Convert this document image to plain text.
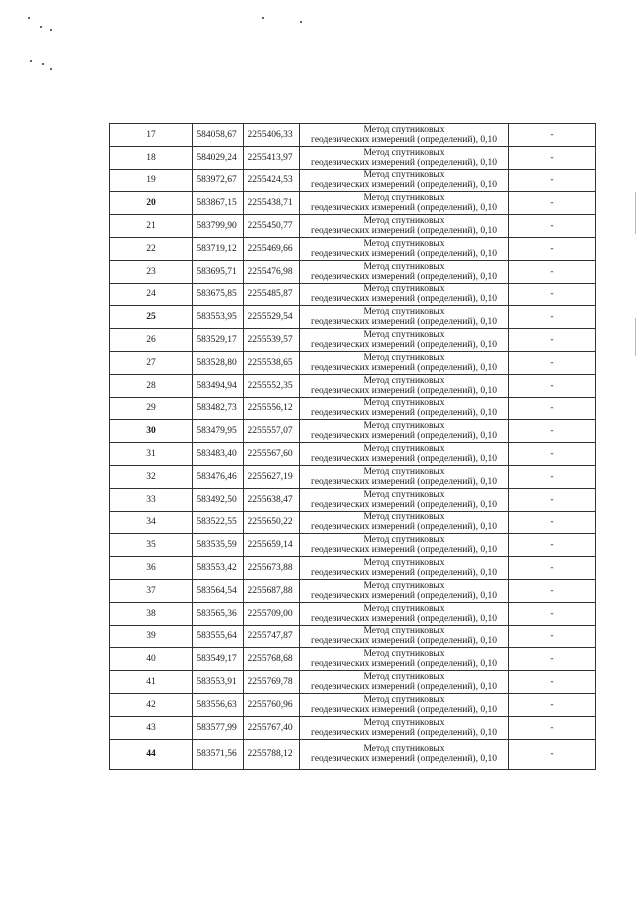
17	584058,67	2255406,33	Метод спутниковых
геодезических измерений (определений), 0,10	-
18	584029,24	2255413,97	Метод спутниковых
геодезических измерений (определений), 0,10	-
19	583972,67	2255424,53	Метод спутниковых
геодезических измерений (определений), 0,10	-
20	583867,15	2255438,71	Метод спутниковых
геодезических измерений (определений), 0,10	-
21	583799,90	2255450,77	Метод спутниковых
геодезических измерений (определений), 0,10	-
22	583719,12	2255469,66	Метод спутниковых
геодезических измерений (определений), 0,10	-
23	583695,71	2255476,98	Метод спутниковых
геодезических измерений (определений), 0,10	-
24	583675,85	2255485,87	Метод спутниковых
геодезических измерений (определений), 0,10	-
25	583553,95	2255529,54	Метод спутниковых
геодезических измерений (определений), 0,10	-
26	583529,17	2255539,57	Метод спутниковых
геодезических измерений (определений), 0,10	-
27	583528,80	2255538,65	Метод спутниковых
геодезических измерений (определений), 0,10	-
28	583494,94	2255552,35	Метод спутниковых
геодезических измерений (определений), 0,10	-
29	583482,73	2255556,12	Метод спутниковых
геодезических измерений (определений), 0,10	-
30	583479,95	2255557,07	Метод спутниковых
геодезических измерений (определений), 0,10	-
31	583483,40	2255567,60	Метод спутниковых
геодезических измерений (определений), 0,10	-
32	583476,46	2255627,19	Метод спутниковых
геодезических измерений (определений), 0,10	-
33	583492,50	2255638,47	Метод спутниковых
геодезических измерений (определений), 0,10	-
34	583522,55	2255650,22	Метод спутниковых
геодезических измерений (определений), 0,10	-
35	583535,59	2255659,14	Метод спутниковых
геодезических измерений (определений), 0,10	-
36	583553,42	2255673,88	Метод спутниковых
геодезических измерений (определений), 0,10	-
37	583564,54	2255687,88	Метод спутниковых
геодезических измерений (определений), 0,10	-
38	583565,36	2255709,00	Метод спутниковых
геодезических измерений (определений), 0,10	-
39	583555,64	2255747,87	Метод спутниковых
геодезических измерений (определений), 0,10	-
40	583549,17	2255768,68	Метод спутниковых
геодезических измерений (определений), 0,10	-
41	583553,91	2255769,78	Метод спутниковых
геодезических измерений (определений), 0,10	-
42	583556,63	2255760,96	Метод спутниковых
геодезических измерений (определений), 0,10	-
43	583577,99	2255767,40	Метод спутниковых
геодезических измерений (определений), 0,10	-
44	583571,56	2255788,12	Метод спутниковых
геодезических измерений (определений), 0,10	-
